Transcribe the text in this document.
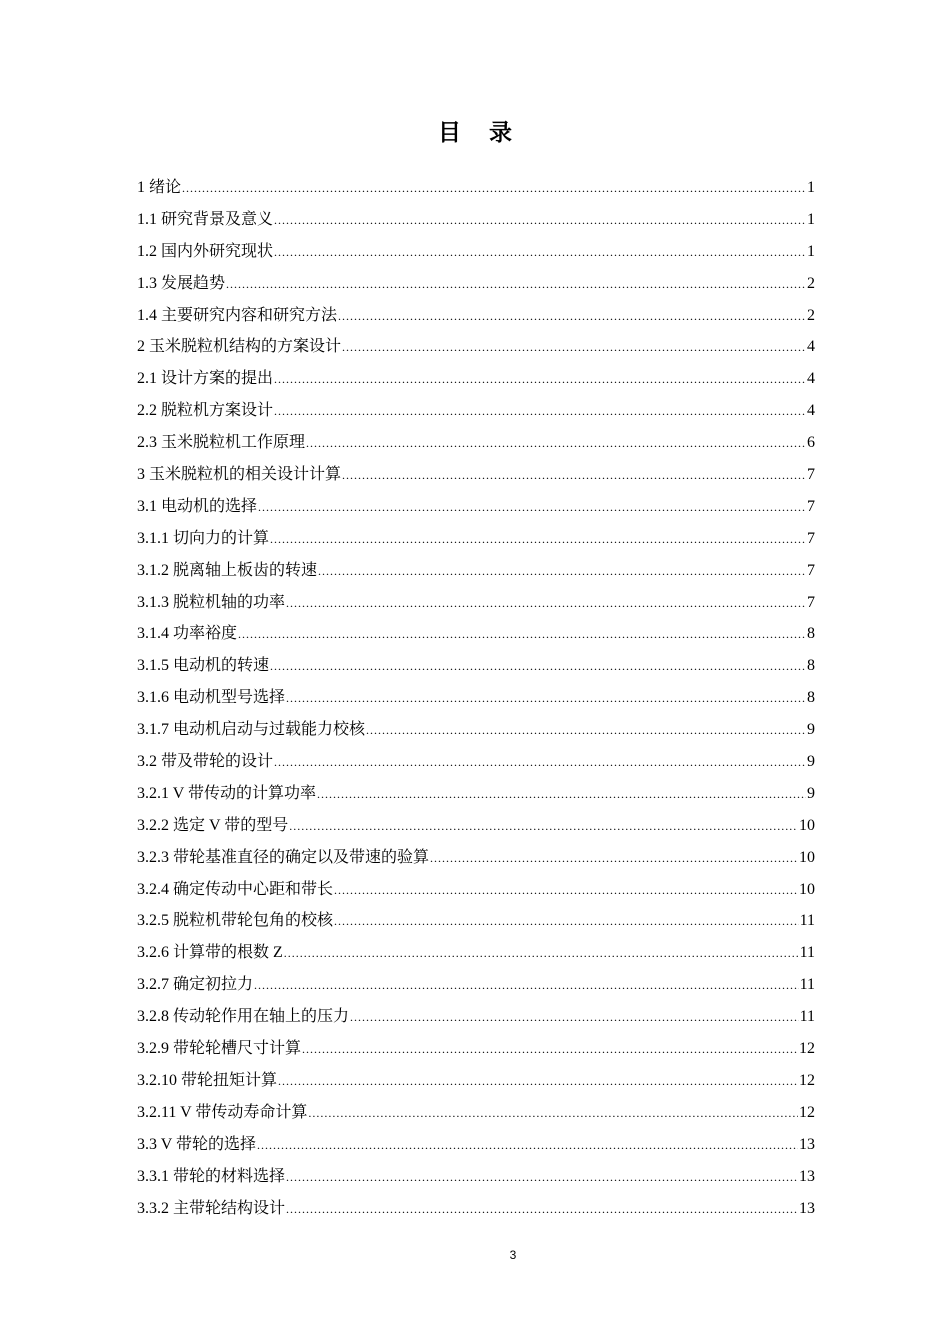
目 录
1 绪论 .....	1
1.1 研究背景及意义 .....	1
1.2 国内外研究现状 .....	1
1.3 发展趋势 .....	2
1.4 主要研究内容和研究方法 .....	2
2 玉米脱粒机结构的方案设计 .....	4
2.1 设计方案的提出 .....	4
2.2 脱粒机方案设计 .....	4
2.3 玉米脱粒机工作原理 .....	6
3 玉米脱粒机的相关设计计算 .....	7
3.1 电动机的选择 .....	7
3.1.1 切向力的计算 .....	7
3.1.2 脱离轴上板齿的转速 .....	7
3.1.3 脱粒机轴的功率 .....	7
3.1.4 功率裕度 .....	8
3.1.5 电动机的转速 .....	8
3.1.6 电动机型号选择 .....	8
3.1.7 电动机启动与过载能力校核 .....	9
3.2 带及带轮的设计 .....	9
3.2.1 V 带传动的计算功率 .....	9
3.2.2 选定 V 带的型号 .....	10
3.2.3 带轮基准直径的确定以及带速的验算 .....	10
3.2.4 确定传动中心距和带长 .....	10
3.2.5 脱粒机带轮包角的校核 .....	11
3.2.6 计算带的根数 Z .....	11
3.2.7 确定初拉力 .....	11
3.2.8 传动轮作用在轴上的压力 .....	11
3.2.9 带轮轮槽尺寸计算 .....	12
3.2.10 带轮扭矩计算 .....	12
3.2.11 V 带传动寿命计算 .....	12
3.3 V 带轮的选择 .....	13
3.3.1 带轮的材料选择 .....	13
3.3.2 主带轮结构设计 .....	13
3
